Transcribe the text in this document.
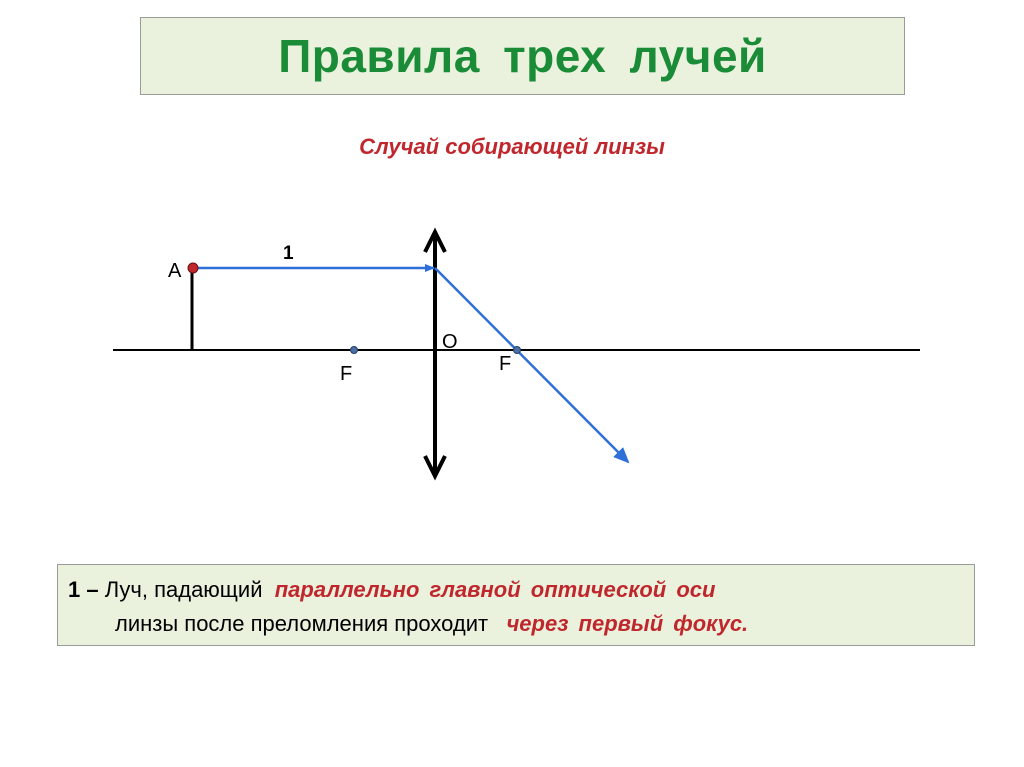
Правила трех лучей
Случай собирающей линзы
1
A
O
F	F
1 – Луч, падающий параллельно главной оптической оси
линзы после преломления проходит через первый фокус.
